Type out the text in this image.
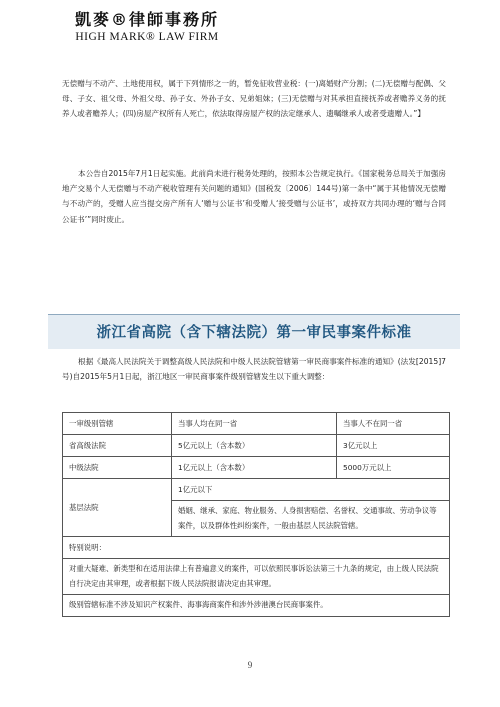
凱麥®律師事務所
HIGH MARK® LAW FIRM
无偿赠与不动产、土地使用权，属于下列情形之一的，暂免征收营业税：(一)离婚财产分割；(二)无偿赠与配偶、父母、子女、祖父母、外祖父母、孙子女、外孙子女、兄弟姐妹；(三)无偿赠与对其承担直接抚养或者赡养义务的抚养人或者赡养人；(四)房屋产权所有人死亡，依法取得房屋产权的法定继承人、遗嘱继承人或者受遗赠人。”】
本公告自2015年7月1日起实施。此前尚未进行税务处理的，按照本公告规定执行。《国家税务总局关于加强房地产交易个人无偿赠与不动产税收管理有关问题的通知》(国税发〔2006〕144号)第一条中“属于其他情况无偿赠与不动产的，受赠人应当提交房产所有人‘赠与公证书’和受赠人‘接受赠与公证书’，或持双方共同办理的‘赠与合同公证书’”同时废止。
浙江省高院（含下辖法院）第一审民事案件标准
根据《最高人民法院关于调整高级人民法院和中级人民法院管辖第一审民商事案件标准的通知》(法发[2015]7号)自2015年5月1日起，浙江地区一审民商事案件级别管辖发生以下重大调整：
一审级别管辖	当事人均在同一省	当事人不在同一省
省高级法院	5亿元以上（含本数）	3亿元以上
中级法院	1亿元以上（含本数）	5000万元以上
基层法院	1亿元以下	
	婚姻、继承、家庭、物业服务、人身损害赔偿、名誉权、交通事故、劳动争议等案件，以及群体性纠纷案件，一般由基层人民法院管辖。	
特别说明：		
对重大疑难、新类型和在适用法律上有普遍意义的案件，可以依照民事诉讼法第三十九条的规定，由上级人民法院自行决定由其审理，或者根据下级人民法院报请决定由其审理。		
级别管辖标准不涉及知识产权案件、海事海商案件和涉外涉港澳台民商事案件。		
9
